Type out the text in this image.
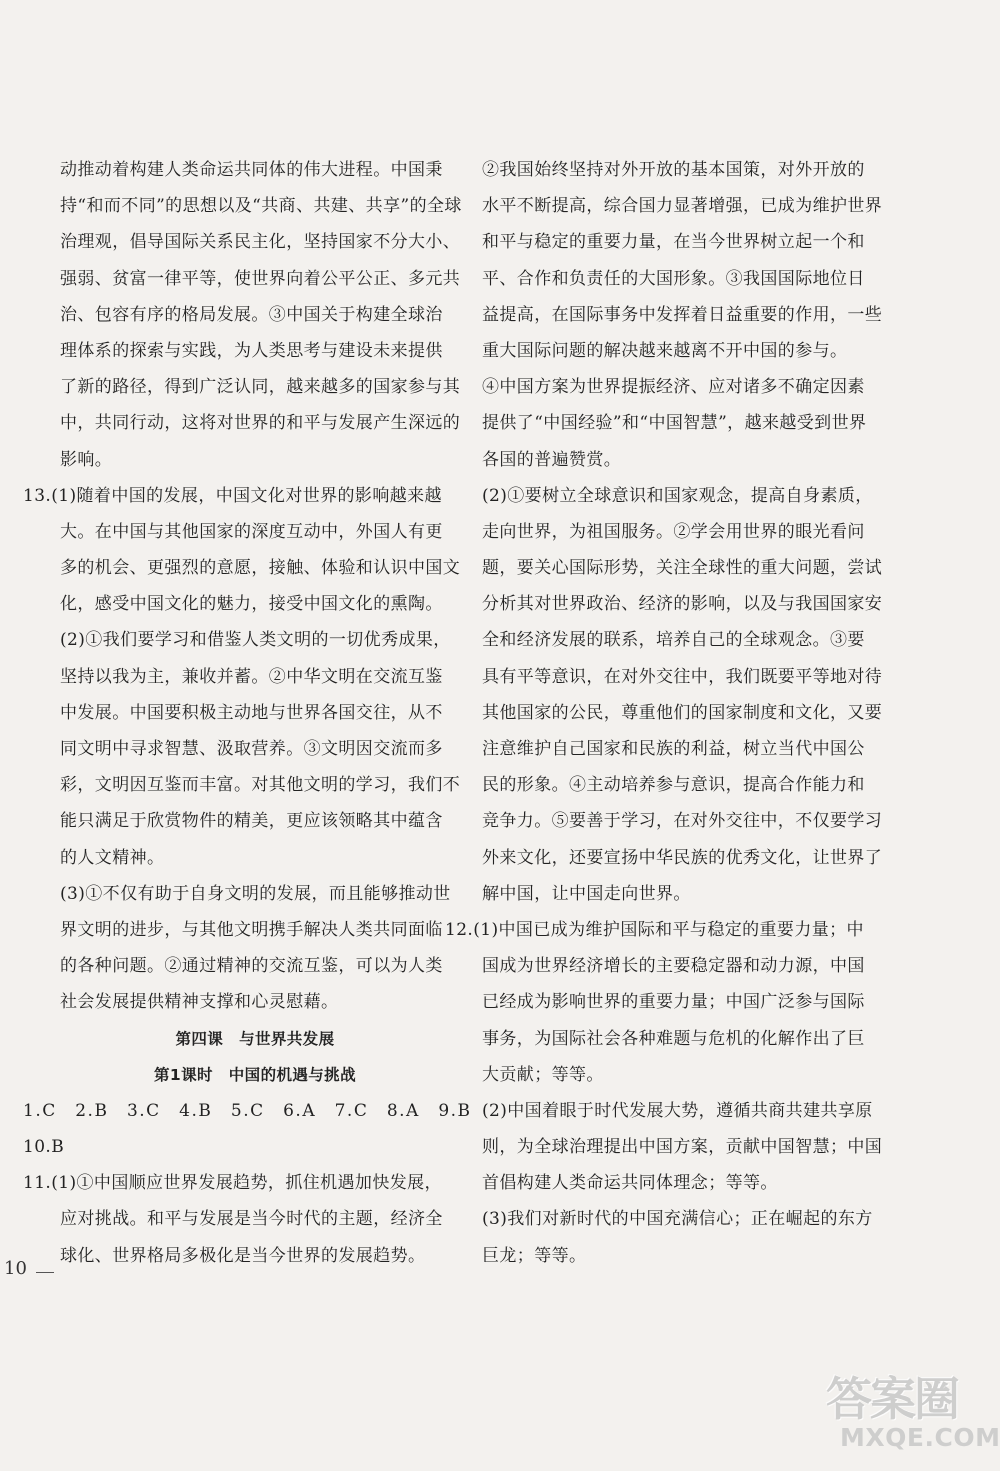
动推动着构建人类命运共同体的伟大进程。中国秉
持“和而不同”的思想以及“共商、共建、共享”的全球
治理观，倡导国际关系民主化，坚持国家不分大小、
强弱、贫富一律平等，使世界向着公平公正、多元共
治、包容有序的格局发展。③中国关于构建全球治
理体系的探索与实践，为人类思考与建设未来提供
了新的路径，得到广泛认同，越来越多的国家参与其
中，共同行动，这将对世界的和平与发展产生深远的
影响。
13.(1)随着中国的发展，中国文化对世界的影响越来越
大。在中国与其他国家的深度互动中，外国人有更
多的机会、更强烈的意愿，接触、体验和认识中国文
化，感受中国文化的魅力，接受中国文化的熏陶。
(2)①我们要学习和借鉴人类文明的一切优秀成果，
坚持以我为主，兼收并蓄。②中华文明在交流互鉴
中发展。中国要积极主动地与世界各国交往，从不
同文明中寻求智慧、汲取营养。③文明因交流而多
彩，文明因互鉴而丰富。对其他文明的学习，我们不
能只满足于欣赏物件的精美，更应该领略其中蕴含
的人文精神。
(3)①不仅有助于自身文明的发展，而且能够推动世
界文明的进步，与其他文明携手解决人类共同面临
的各种问题。②通过精神的交流互鉴，可以为人类
社会发展提供精神支撑和心灵慰藉。
第四课　与世界共发展
第1课时　中国的机遇与挑战
1.C　2.B　3.C　4.B　5.C　6.A　7.C　8.A　9.B
10.B
11.(1)①中国顺应世界发展趋势，抓住机遇加快发展，
应对挑战。和平与发展是当今时代的主题，经济全
球化、世界格局多极化是当今世界的发展趋势。
②我国始终坚持对外开放的基本国策，对外开放的
水平不断提高，综合国力显著增强，已成为维护世界
和平与稳定的重要力量，在当今世界树立起一个和
平、合作和负责任的大国形象。③我国国际地位日
益提高，在国际事务中发挥着日益重要的作用，一些
重大国际问题的解决越来越离不开中国的参与。
④中国方案为世界提振经济、应对诸多不确定因素
提供了“中国经验”和“中国智慧”，越来越受到世界
各国的普遍赞赏。
(2)①要树立全球意识和国家观念，提高自身素质，
走向世界，为祖国服务。②学会用世界的眼光看问
题，要关心国际形势，关注全球性的重大问题，尝试
分析其对世界政治、经济的影响，以及与我国国家安
全和经济发展的联系，培养自己的全球观念。③要
具有平等意识，在对外交往中，我们既要平等地对待
其他国家的公民，尊重他们的国家制度和文化，又要
注意维护自己国家和民族的利益，树立当代中国公
民的形象。④主动培养参与意识，提高合作能力和
竞争力。⑤要善于学习，在对外交往中，不仅要学习
外来文化，还要宣扬中华民族的优秀文化，让世界了
解中国，让中国走向世界。
12.(1)中国已成为维护国际和平与稳定的重要力量；中
国成为世界经济增长的主要稳定器和动力源，中国
已经成为影响世界的重要力量；中国广泛参与国际
事务，为国际社会各种难题与危机的化解作出了巨
大贡献；等等。
(2)中国着眼于时代发展大势，遵循共商共建共享原
则，为全球治理提出中国方案，贡献中国智慧；中国
首倡构建人类命运共同体理念；等等。
(3)我们对新时代的中国充满信心；正在崛起的东方
巨龙；等等。
10
答案圈
MXQE.COM
